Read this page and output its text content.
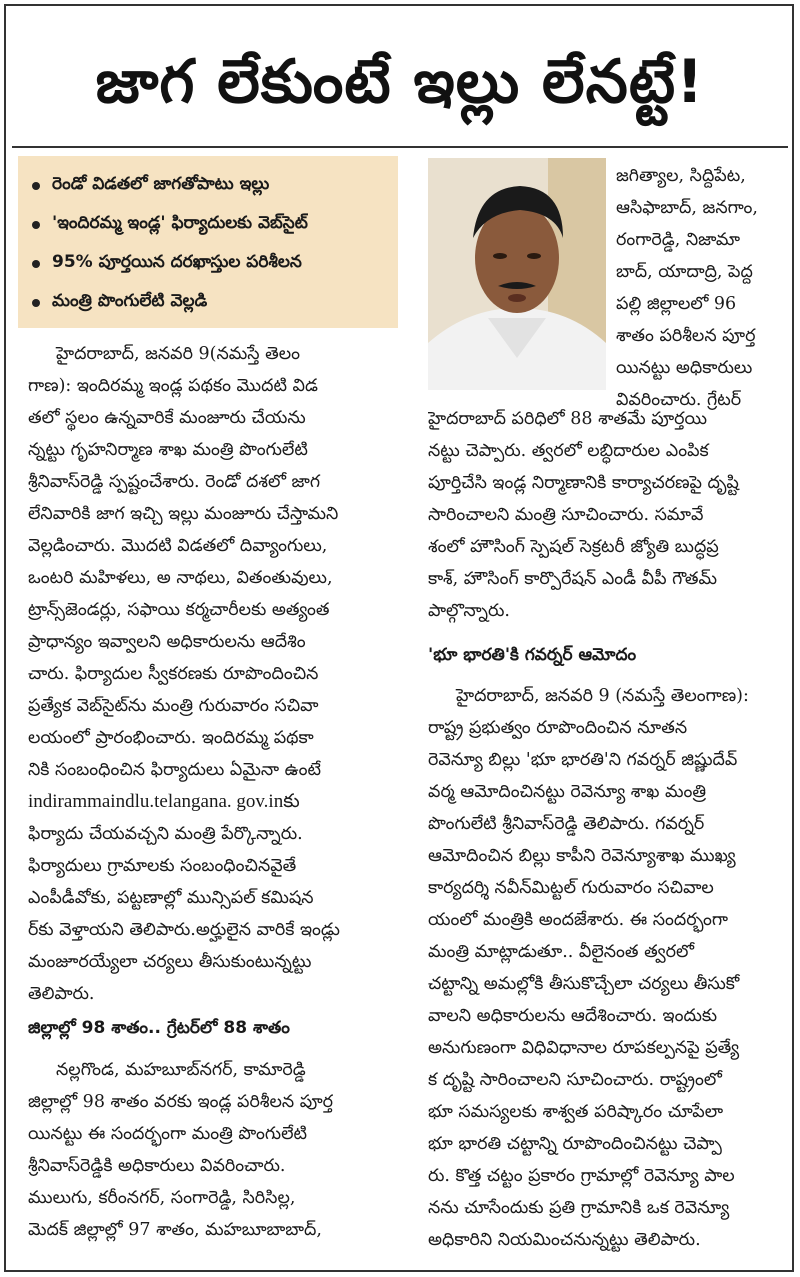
జాగ లేకుంటే ఇల్లు లేనట్టే!
రెండో విడతలో జాగతోపాటు ఇల్లు
'ఇందిరమ్మ ఇండ్ల' ఫిర్యాదులకు వెబ్‌సైట్
95% పూర్తయిన దరఖాస్తుల పరిశీలన
మంత్రి పొంగులేటి వెల్లడి

హైదరాబాద్, జనవరి 9(నమస్తే తెలం

గాణ): ఇందిరమ్మ ఇండ్ల పథకం మొదటి విడ

తలో స్థలం ఉన్నవారికే మంజూరు చేయను

న్నట్టు గృహనిర్మాణ శాఖ మంత్రి పొంగులేటి

శ్రీనివాస్‌రెడ్డి స్పష్టంచేశారు. రెండో దశలో జాగ

లేనివారికి జాగ ఇచ్చి ఇల్లు మంజూరు చేస్తామని

వెల్లడించారు. మొదటి విడతలో దివ్యాంగులు,

ఒంటరి మహిళలు, అ నాథలు, వితంతువులు,

ట్రాన్స్‌జెండర్లు, సఫాయి కర్మచారీలకు అత్యంత

ప్రాధాన్యం ఇవ్వాలని అధికారులను ఆదేశిం

చారు. ఫిర్యాదుల స్వీకరణకు రూపొందించిన

ప్రత్యేక వెబ్‌సైట్‌ను మంత్రి గురువారం సచివా

లయంలో ప్రారంభించారు. ఇందిరమ్మ పథకా

నికి సంబంధించిన ఫిర్యాదులు ఏమైనా ఉంటే

indirammaindlu.telangana. gov.inకు

ఫిర్యాదు చేయవచ్చని మంత్రి పేర్కొన్నారు.

ఫిర్యాదులు గ్రామాలకు సంబంధించినవైతే

ఎంపీడీవోకు, పట్టణాల్లో మున్సిపల్ కమిషన

ర్‌కు వెళ్తాయని తెలిపారు.అర్హులైన వారికే ఇండ్లు

మంజూరయ్యేలా చర్యలు తీసుకుంటున్నట్టు

తెలిపారు.

జిల్లాల్లో 98 శాతం.. గ్రేటర్‌లో 88 శాతం

నల్లగొండ, మహబూబ్‌నగర్, కామారెడ్డి

జిల్లాల్లో 98 శాతం వరకు ఇండ్ల పరిశీలన పూర్త

యినట్టు ఈ సందర్భంగా మంత్రి పొంగులేటి

శ్రీనివాస్‌రెడ్డికి అధికారులు వివరించారు.

ములుగు, కరీంనగర్, సంగారెడ్డి, సిరిసిల్ల,

మెదక్ జిల్లాల్లో 97 శాతం, మహబూబాబాద్,

జగిత్యాల, సిద్దిపేట,

ఆసిఫాబాద్, జనగాం,

రంగారెడ్డి, నిజామా

బాద్, యాదాద్రి, పెద్ద

పల్లి జిల్లాలలో 96

శాతం పరిశీలన పూర్త

యినట్టు అధికారులు

వివరించారు. గ్రేటర్

హైదరాబాద్ పరిధిలో 88 శాతమే పూర్తయి

నట్టు చెప్పారు. త్వరలో లబ్ధిదారుల ఎంపిక

పూర్తిచేసి ఇండ్ల నిర్మాణానికి కార్యాచరణపై దృష్టి

సారించాలని మంత్రి సూచించారు. సమావే

శంలో హౌసింగ్ స్పెషల్ సెక్రటరీ జ్యోతి బుద్ధప్ర

కాశ్, హౌసింగ్ కార్పొరేషన్ ఎండీ వీపీ గౌతమ్

పాల్గొన్నారు.

'భూ భారతి'కి గవర్నర్ ఆమోదం

హైదరాబాద్, జనవరి 9 (నమస్తే తెలంగాణ):

రాష్ట్ర ప్రభుత్వం రూపొందించిన నూతన

రెవెన్యూ బిల్లు 'భూ భారతి'ని గవర్నర్ జిష్ణుదేవ్

వర్మ ఆమోదించినట్టు రెవెన్యూ శాఖ మంత్రి

పొంగులేటి శ్రీనివాస్‌రెడ్డి తెలిపారు. గవర్నర్

ఆమోదించిన బిల్లు కాపీని రెవెన్యూశాఖ ముఖ్య

కార్యదర్శి నవీన్‌మిట్టల్ గురువారం సచివాల

యంలో మంత్రికి అందజేశారు. ఈ సందర్భంగా

మంత్రి మాట్లాడుతూ.. వీలైనంత త్వరలో

చట్టాన్ని అమల్లోకి తీసుకొచ్చేలా చర్యలు తీసుకో

వాలని అధికారులను ఆదేశించారు. ఇందుకు

అనుగుణంగా విధివిధానాల రూపకల్పనపై ప్రత్యే

క దృష్టి సారించాలని సూచించారు. రాష్ట్రంలో

భూ సమస్యలకు శాశ్వత పరిష్కారం చూపేలా

భూ భారతి చట్టాన్ని రూపొందించినట్టు చెప్పా

రు. కొత్త చట్టం ప్రకారం గ్రామాల్లో రెవెన్యూ పాల

నను చూసేందుకు ప్రతి గ్రామానికి ఒక రెవెన్యూ

అధికారిని నియమించనున్నట్టు తెలిపారు.
